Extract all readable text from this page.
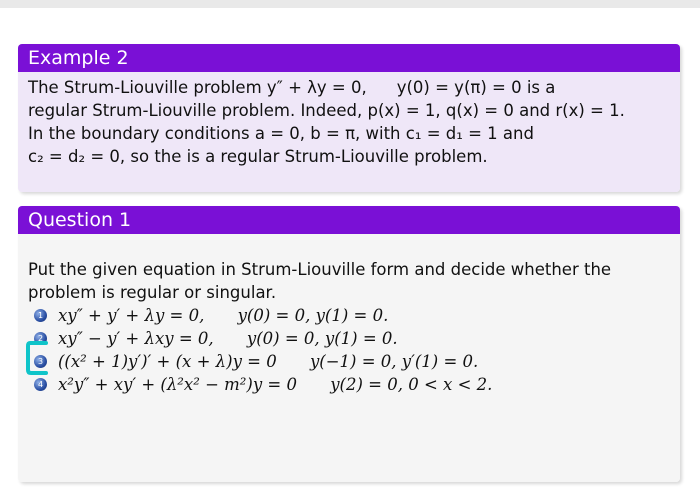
Example 2
The Strum-Liouville problem y″ + λy = 0, y(0) = y(π) = 0 is a
regular Strum-Liouville problem. Indeed, p(x) = 1, q(x) = 0 and r(x) = 1.
In the boundary conditions a = 0, b = π, with c₁ = d₁ = 1 and
c₂ = d₂ = 0, so the is a regular Strum-Liouville problem.
Question 1
Put the given equation in Strum-Liouville form and decide whether the
problem is regular or singular.
1 xy″ + y′ + λy = 0, y(0) = 0, y(1) = 0.
2 xy″ − y′ + λxy = 0, y(0) = 0, y(1) = 0.
3 ((x² + 1)y′)′ + (x + λ)y = 0 y(−1) = 0, y′(1) = 0.
4 x²y″ + xy′ + (λ²x² − m²)y = 0 y(2) = 0, 0 < x < 2.
